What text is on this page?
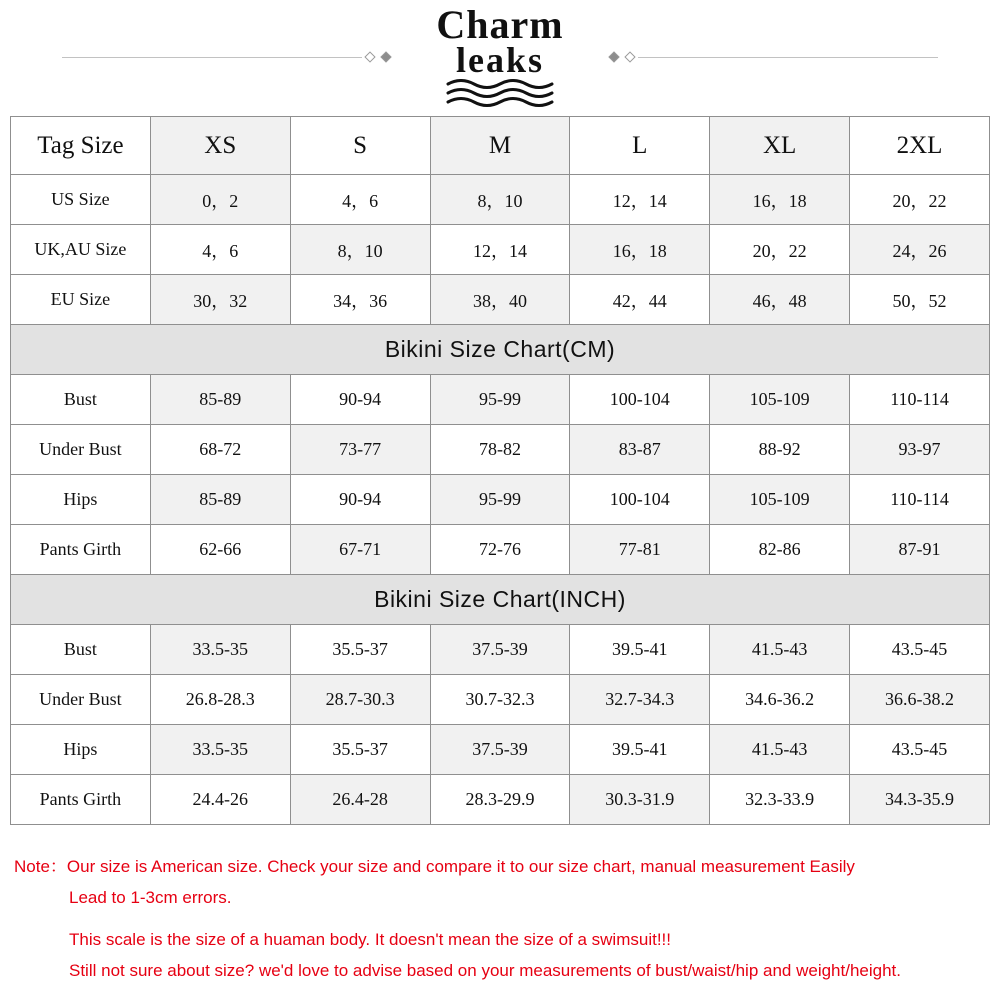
Charm
leaks
Tag Size	XS	S	M	L	XL	2XL
US Size	0，2	4，6	8，10	12，14	16，18	20，22
UK,AU Size	4，6	8，10	12，14	16，18	20，22	24，26
EU Size	30，32	34，36	38，40	42，44	46，48	50，52
Bikini Size Chart(CM)						
Bust	85-89	90-94	95-99	100-104	105-109	110-114
Under Bust	68-72	73-77	78-82	83-87	88-92	93-97
Hips	85-89	90-94	95-99	100-104	105-109	110-114
Pants Girth	62-66	67-71	72-76	77-81	82-86	87-91
Bikini Size Chart(INCH)						
Bust	33.5-35	35.5-37	37.5-39	39.5-41	41.5-43	43.5-45
Under Bust	26.8-28.3	28.7-30.3	30.7-32.3	32.7-34.3	34.6-36.2	36.6-38.2
Hips	33.5-35	35.5-37	37.5-39	39.5-41	41.5-43	43.5-45
Pants Girth	24.4-26	26.4-28	28.3-29.9	30.3-31.9	32.3-33.9	34.3-35.9
Note： Our size is American size. Check your size and compare it to our size chart, manual measurement Easily
Lead to 1-3cm errors.
This scale is the size of a huaman body. It doesn't mean the size of a swimsuit!!!
Still not sure about size? we'd love to advise based on your measurements of bust/waist/hip and weight/height.
